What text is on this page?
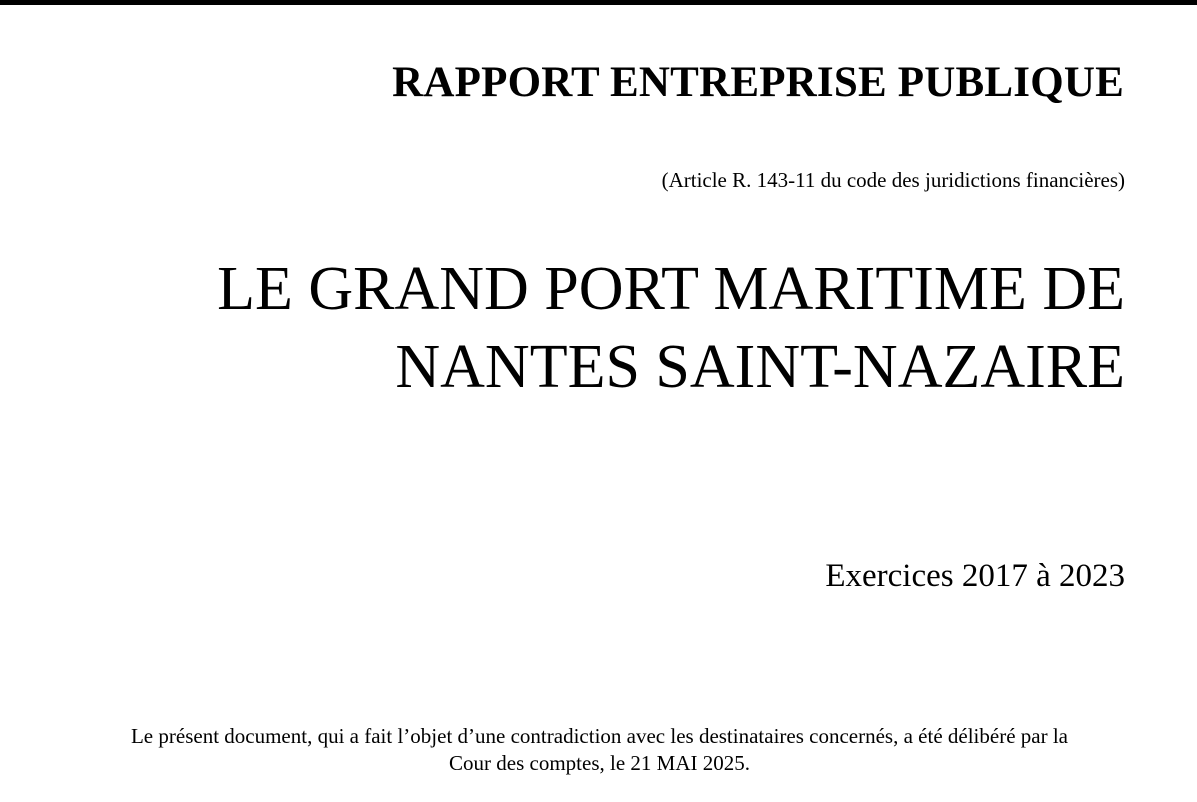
RAPPORT ENTREPRISE PUBLIQUE
(Article R. 143-11 du code des juridictions financières)
LE GRAND PORT MARITIME DE
NANTES SAINT-NAZAIRE
Exercices 2017 à 2023
Le présent document, qui a fait l’objet d’une contradiction avec les destinataires concernés, a été délibéré par la
Cour des comptes, le 21 MAI 2025.
